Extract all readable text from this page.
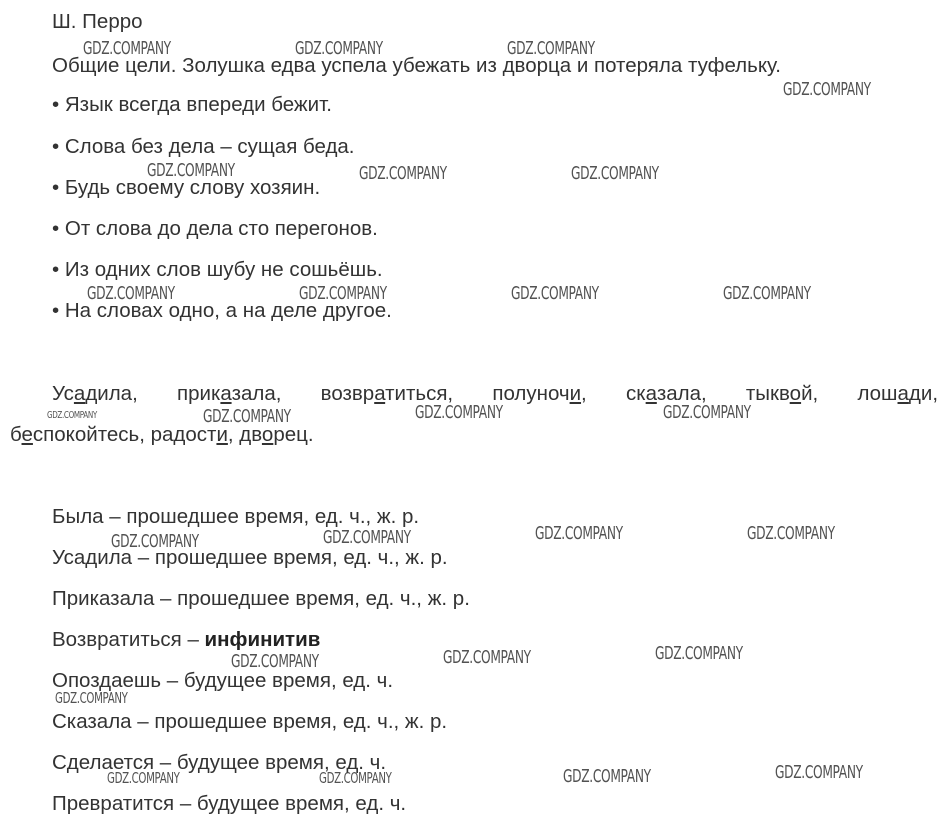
Ш. Перро

Общие цели. Золушка едва успела убежать из дворца и потеряла туфельку.

• Язык всегда впереди бежит.

• Слова без дела – сущая беда.

• Будь своему слову хозяин.

• От слова до дела сто перегонов.

• Из одних слов шубу не сошьёшь.

• На словах одно, а на деле другое.

Усадила, приказала, возвратиться, полуночи, сказала, тыквой, лошади,
беспокойтесь, радости, дворец.

Была – прошедшее время, ед. ч., ж. р.

Усадила – прошедшее время, ед. ч., ж. р.

Приказала – прошедшее время, ед. ч., ж. р.

Возвратиться – инфинитив

Опоздаешь – будущее время, ед. ч.

Сказала – прошедшее время, ед. ч., ж. р.

Сделается – будущее время, ед. ч.

Превратится – будущее время, ед. ч.

GDZ.COMPANY	GDZ.COMPANY	GDZ.COMPANY
GDZ.COMPANY
GDZ.COMPANY	GDZ.COMPANY	GDZ.COMPANY
GDZ.COMPANY	GDZ.COMPANY	GDZ.COMPANY	GDZ.COMPANY
GDZ.COMPANY	GDZ.COMPANY	GDZ.COMPANY	GDZ.COMPANY
GDZ.COMPANY	GDZ.COMPANY	GDZ.COMPANY	GDZ.COMPANY
GDZ.COMPANY	GDZ.COMPANY	GDZ.COMPANY
GDZ.COMPANY
GDZ.COMPANY	GDZ.COMPANY	GDZ.COMPANY	GDZ.COMPANY
